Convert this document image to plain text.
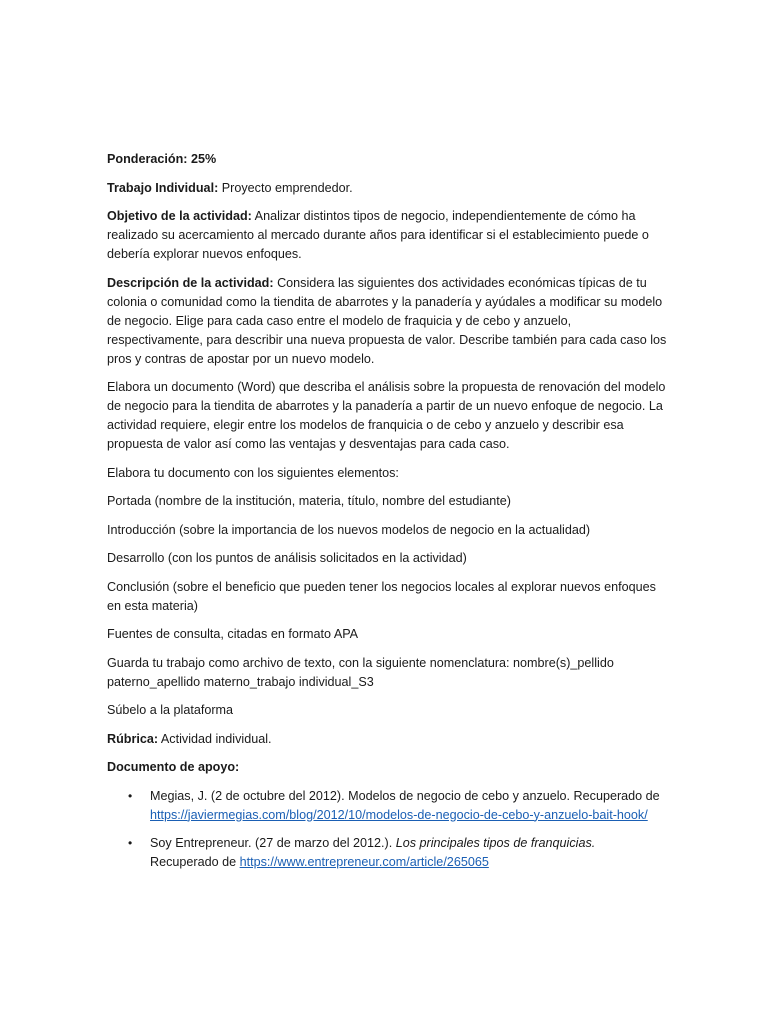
Ponderación: 25%

Trabajo Individual: Proyecto emprendedor.

Objetivo de la actividad: Analizar distintos tipos de negocio, independientemente de cómo ha realizado su acercamiento al mercado durante años para identificar si el establecimiento puede o debería explorar nuevos enfoques.

Descripción de la actividad: Considera las siguientes dos actividades económicas típicas de tu colonia o comunidad como la tiendita de abarrotes y la panadería y ayúdales a modificar su modelo de negocio. Elige para cada caso entre el modelo de fraquicia y de cebo y anzuelo, respectivamente, para describir una nueva propuesta de valor. Describe también para cada caso los pros y contras de apostar por un nuevo modelo.

Elabora un documento (Word) que describa el análisis sobre la propuesta de renovación del modelo de negocio para la tiendita de abarrotes y la panadería a partir de un nuevo enfoque de negocio. La actividad requiere, elegir entre los modelos de franquicia o de cebo y anzuelo y describir esa propuesta de valor así como las ventajas y desventajas para cada caso.

Elabora tu documento con los siguientes elementos:

Portada (nombre de la institución, materia, título, nombre del estudiante)

Introducción (sobre la importancia de los nuevos modelos de negocio en la actualidad)

Desarrollo (con los puntos de análisis solicitados en la actividad)

Conclusión (sobre el beneficio que pueden tener los negocios locales al explorar nuevos enfoques en esta materia)

Fuentes de consulta, citadas en formato APA

Guarda tu trabajo como archivo de texto, con la siguiente nomenclatura: nombre(s)_pellido paterno_apellido materno_trabajo individual_S3

Súbelo a la plataforma

Rúbrica: Actividad individual.

Documento de apoyo:

• Megias, J. (2 de octubre del 2012). Modelos de negocio de cebo y anzuelo. Recuperado de https://javiermegias.com/blog/2012/10/modelos-de-negocio-de-cebo-y-anzuelo-bait-hook/
• Soy Entrepreneur. (27 de marzo del 2012.). Los principales tipos de franquicias. Recuperado de https://www.entrepreneur.com/article/265065
